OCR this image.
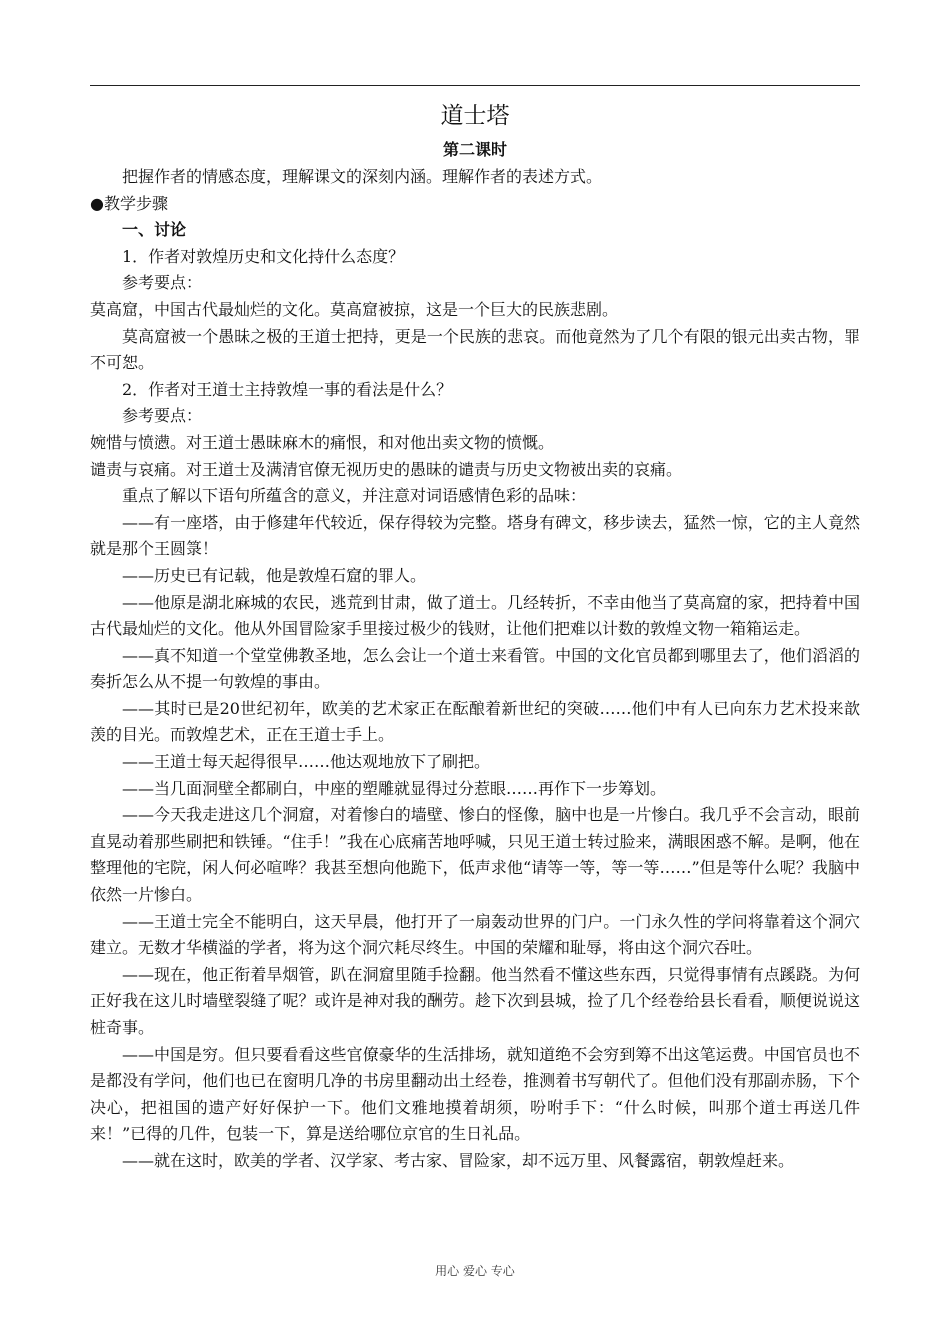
道士塔
第二课时

把握作者的情感态度，理解课文的深刻内涵。理解作者的表述方式。

●教学步骤

一、讨论

1．作者对敦煌历史和文化持什么态度？

参考要点：

莫高窟，中国古代最灿烂的文化。莫高窟被掠，这是一个巨大的民族悲剧。

莫高窟被一个愚昧之极的王道士把持，更是一个民族的悲哀。而他竟然为了几个有限的银元出卖古物，罪不可恕。

2．作者对王道士主持敦煌一事的看法是什么？

参考要点：

婉惜与愤懑。对王道士愚昧麻木的痛恨，和对他出卖文物的愤慨。

谴责与哀痛。对王道士及满清官僚无视历史的愚昧的谴责与历史文物被出卖的哀痛。

重点了解以下语句所蕴含的意义，并注意对词语感情色彩的品味：

——有一座塔，由于修建年代较近，保存得较为完整。塔身有碑文，移步读去，猛然一惊，它的主人竟然就是那个王圆箓！

——历史已有记载，他是敦煌石窟的罪人。

——他原是湖北麻城的农民，逃荒到甘肃，做了道士。几经转折，不幸由他当了莫高窟的家，把持着中国古代最灿烂的文化。他从外国冒险家手里接过极少的钱财，让他们把难以计数的敦煌文物一箱箱运走。

——真不知道一个堂堂佛教圣地，怎么会让一个道士来看管。中国的文化官员都到哪里去了，他们滔滔的奏折怎么从不提一句敦煌的事由。

——其时已是20世纪初年，欧美的艺术家正在酝酿着新世纪的突破……他们中有人已向东力艺术投来歆羡的目光。而敦煌艺术，正在王道士手上。

——王道士每天起得很早……他达观地放下了刷把。

——当几面洞壁全都刷白，中座的塑雕就显得过分惹眼……再作下一步筹划。

——今天我走进这几个洞窟，对着惨白的墙壁、惨白的怪像，脑中也是一片惨白。我几乎不会言动，眼前直晃动着那些刷把和铁锤。“住手！”我在心底痛苦地呼喊，只见王道士转过脸来，满眼困惑不解。是啊，他在整理他的宅院，闲人何必喧哗？我甚至想向他跪下，低声求他“请等一等，等一等……”但是等什么呢？我脑中依然一片惨白。

——王道士完全不能明白，这天早晨，他打开了一扇轰动世界的门户。一门永久性的学问将靠着这个洞穴建立。无数才华横溢的学者，将为这个洞穴耗尽终生。中国的荣耀和耻辱，将由这个洞穴吞吐。

——现在，他正衔着旱烟管，趴在洞窟里随手捡翻。他当然看不懂这些东西，只觉得事情有点蹊跷。为何正好我在这儿时墙壁裂缝了呢？或许是神对我的酬劳。趁下次到县城，捡了几个经卷给县长看看，顺便说说这桩奇事。

——中国是穷。但只要看看这些官僚豪华的生活排场，就知道绝不会穷到筹不出这笔运费。中国官员也不是都没有学问，他们也已在窗明几净的书房里翻动出土经卷，推测着书写朝代了。但他们没有那副赤肠，下个决心，把祖国的遗产好好保护一下。他们文雅地摸着胡须，吩咐手下：“什么时候，叫那个道士再送几件来！”已得的几件，包装一下，算是送给哪位京官的生日礼品。

——就在这时，欧美的学者、汉学家、考古家、冒险家，却不远万里、风餐露宿，朝敦煌赶来。

用心 爱心 专心
